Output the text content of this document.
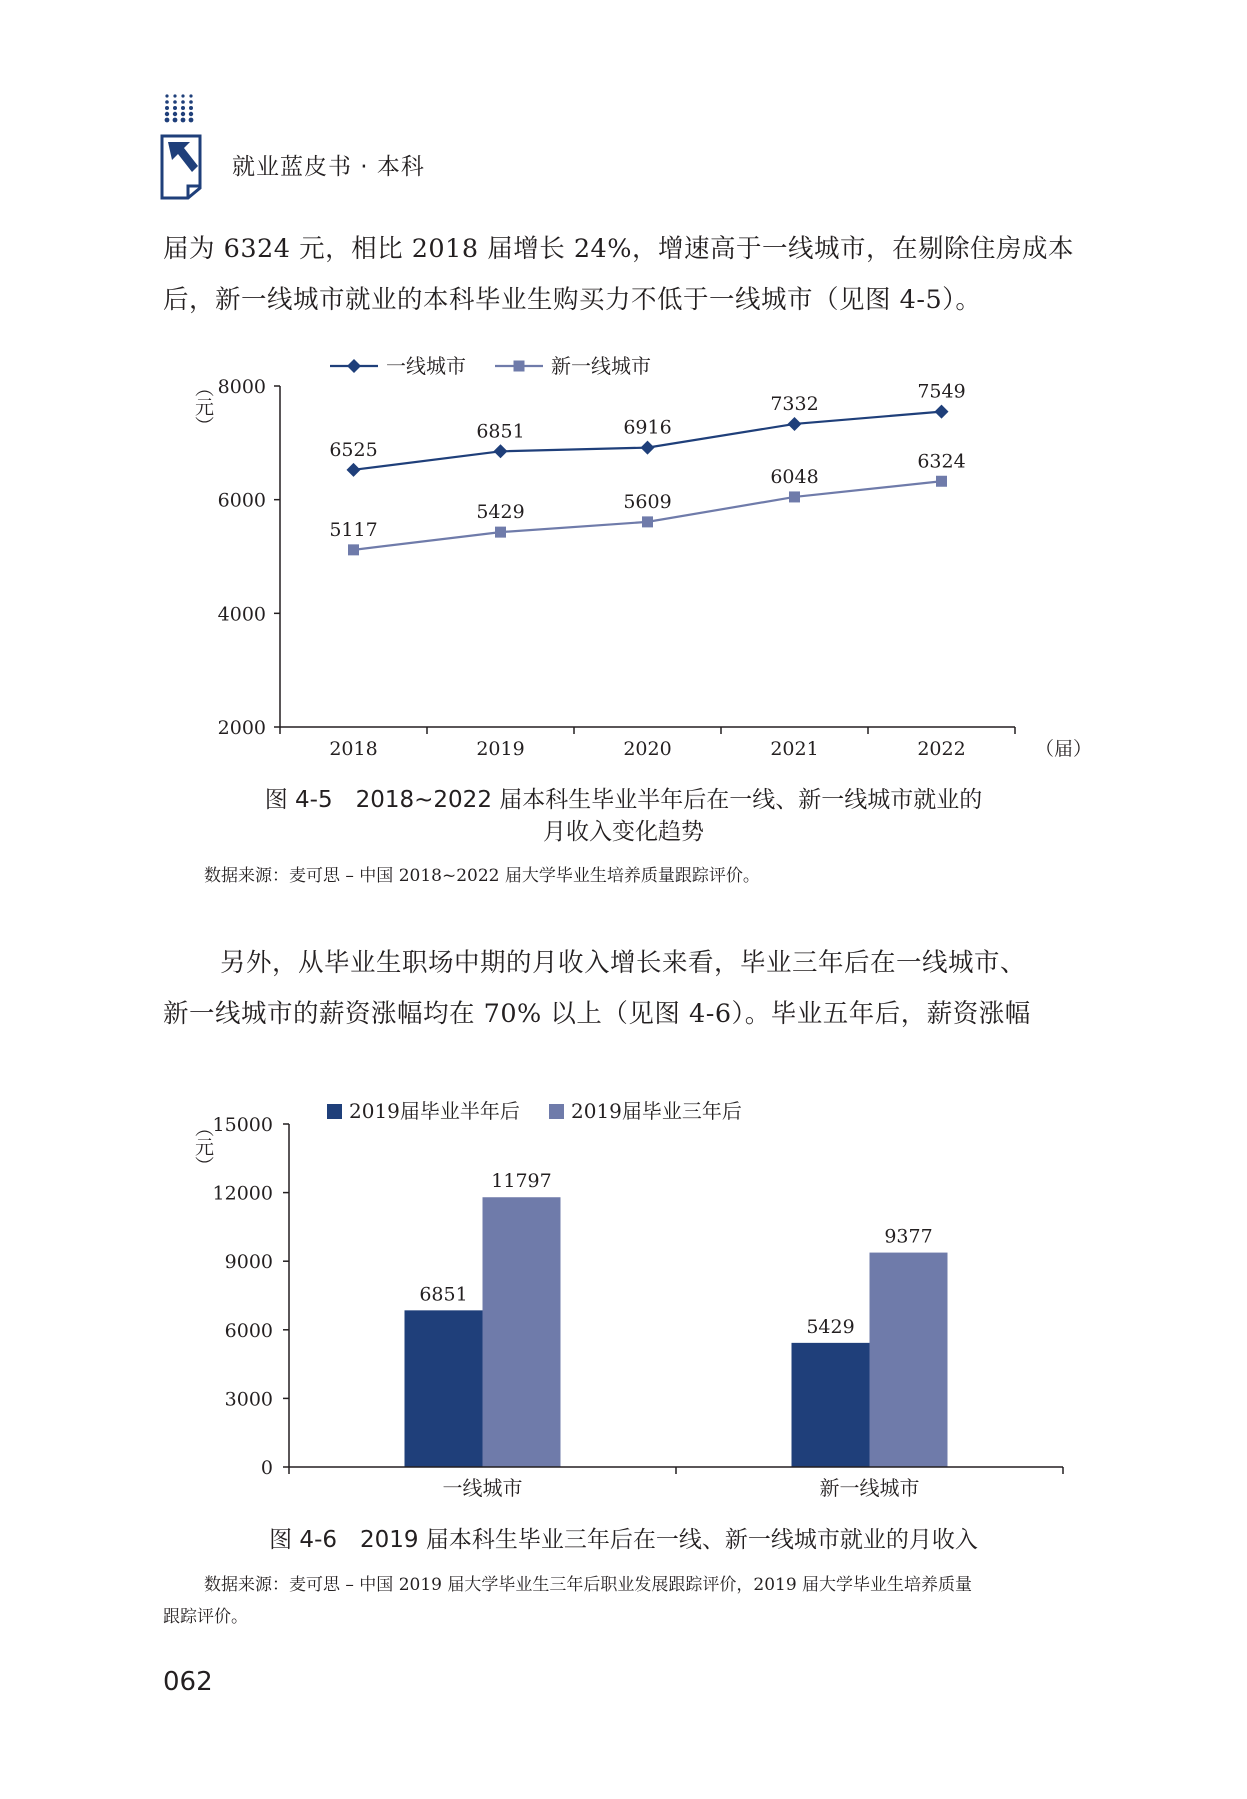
就业蓝皮书 · 本科

届为 6324 元，相比 2018 届增长 24%，增速高于一线城市，在剔除住房成本
后，新一线城市就业的本科毕业生购买力不低于一线城市（见图 4-5）。

2000
4000
6000
8000
2018	2019	2020	2021	2022	（届）
（元）
6525
6851	6916
7332
7549
5117
5429	5609
6048
6324
一线城市	新一线城市
图 4-5　2018~2022 届本科生毕业半年后在一线、新一线城市就业的
月收入变化趋势
数据来源：麦可思 – 中国 2018~2022 届大学毕业生培养质量跟踪评价。

另外，从毕业生职场中期的月收入增长来看，毕业三年后在一线城市、
新一线城市的薪资涨幅均在 70% 以上（见图 4-6）。毕业五年后，薪资涨幅

6851
11797
一线城市
5429
9377
新一线城市
0
3000
6000
9000
12000
15000
（元）
2019届毕业半年后	2019届毕业三年后
图 4-6　2019 届本科生毕业三年后在一线、新一线城市就业的月收入
数据来源：麦可思 – 中国 2019 届大学毕业生三年后职业发展跟踪评价，2019 届大学毕业生培养质量
跟踪评价。
062
